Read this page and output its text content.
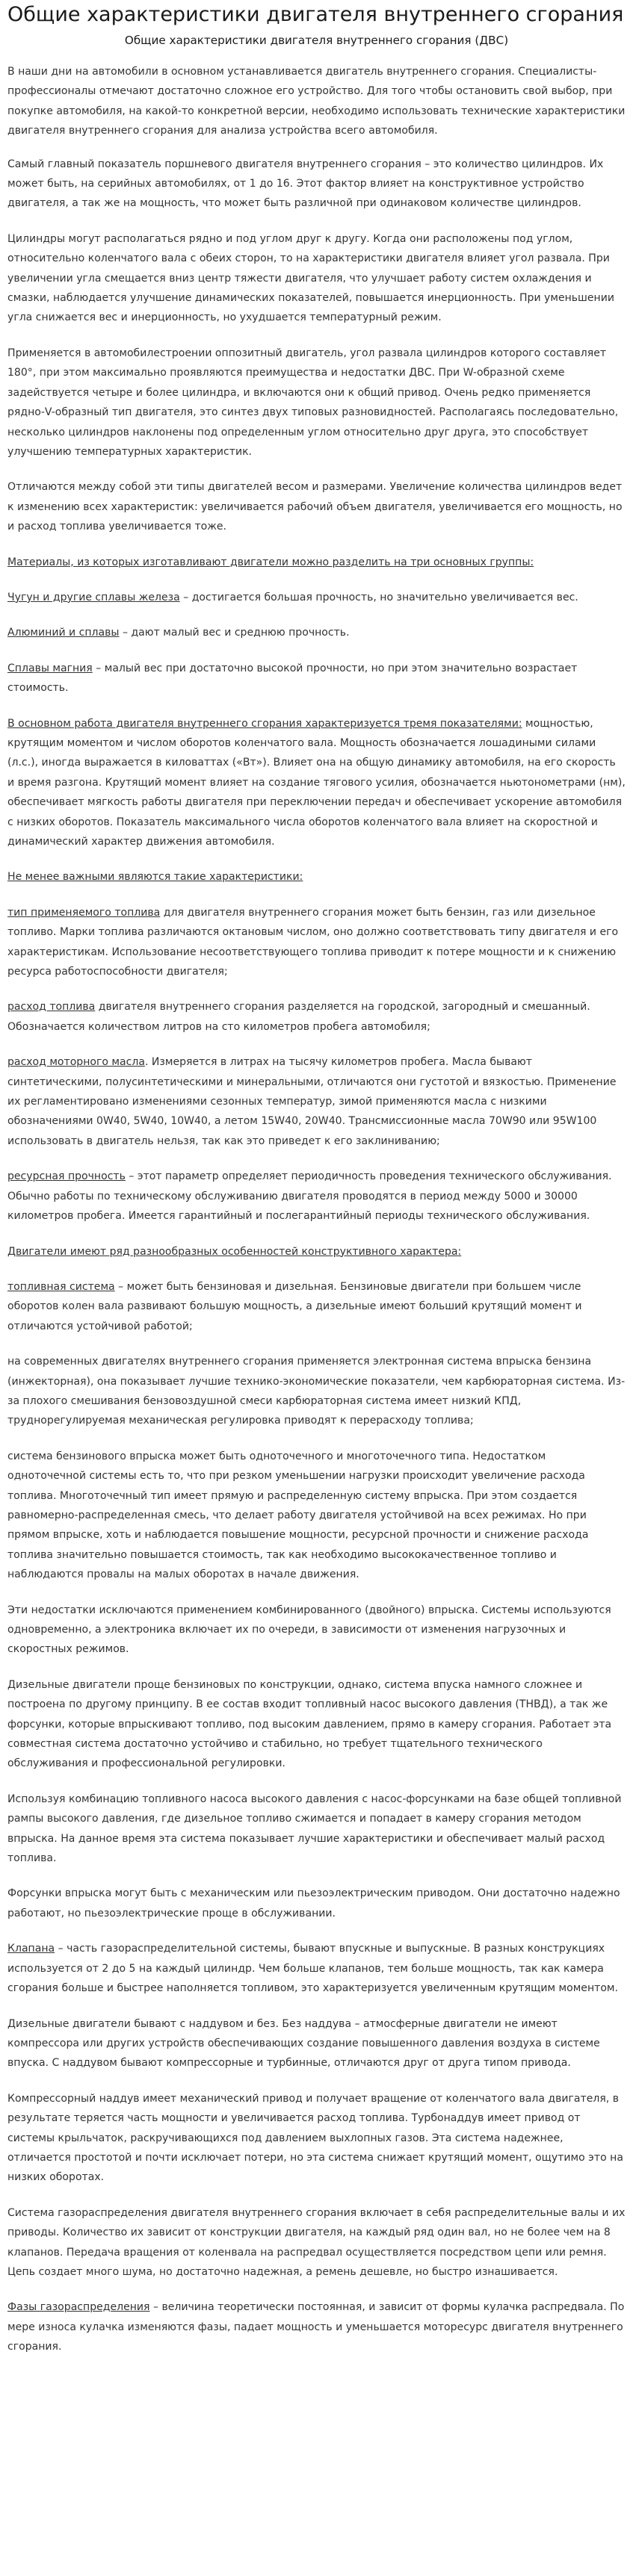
Общие характеристики двигателя внутреннего сгорания
Общие характеристики двигателя внутреннего сгорания (ДВС)

В наши дни на автомобили в основном устанавливается двигатель внутреннего сгорания. Специалисты-профессионалы отмечают достаточно сложное его устройство. Для того чтобы остановить свой выбор, при покупке автомобиля, на какой-то конкретной версии, необходимо использовать технические характеристики двигателя внутреннего сгорания для анализа устройства всего автомобиля.

Самый главный показатель поршневого двигателя внутреннего сгорания – это количество цилиндров. Их может быть, на серийных автомобилях, от 1 до 16. Этот фактор влияет на конструктивное устройство двигателя, а так же на мощность, что может быть различной при одинаковом количестве цилиндров.

Цилиндры могут располагаться рядно и под углом друг к другу. Когда они расположены под углом, относительно коленчатого вала с обеих сторон, то на характеристики двигателя влияет угол развала. При увеличении угла смещается вниз центр тяжести двигателя, что улучшает работу систем охлаждения и смазки, наблюдается улучшение динамических показателей, повышается инерционность. При уменьшении угла снижается вес и инерционность, но ухудшается температурный режим.

Применяется в автомобилестроении оппозитный двигатель, угол развала цилиндров которого составляет 180°, при этом максимально проявляются преимущества и недостатки ДВС. При W-образной схеме задействуется четыре и более цилиндра, и включаются они к общий привод. Очень редко применяется рядно-V-образный тип двигателя, это синтез двух типовых разновидностей. Располагаясь последовательно, несколько цилиндров наклонены под определенным углом относительно друг друга, это способствует улучшению температурных характеристик.

Отличаются между собой эти типы двигателей весом и размерами. Увеличение количества цилиндров ведет к изменению всех характеристик: увеличивается рабочий объем двигателя, увеличивается его мощность, но и расход топлива увеличивается тоже.

Материалы, из которых изготавливают двигатели можно разделить на три основных группы:

Чугун и другие сплавы железа – достигается большая прочность, но значительно увеличивается вес.

Алюминий и сплавы – дают малый вес и среднюю прочность.

Сплавы магния – малый вес при достаточно высокой прочности, но при этом значительно возрастает стоимость.

В основном работа двигателя внутреннего сгорания характеризуется тремя показателями: мощностью, крутящим моментом и числом оборотов коленчатого вала. Мощность обозначается лошадиными силами (л.с.), иногда выражается в киловаттах («Вт»). Влияет она на общую динамику автомобиля, на его скорость и время разгона. Крутящий момент влияет на создание тягового усилия, обозначается ньютонометрами (нм), обеспечивает мягкость работы двигателя при переключении передач и обеспечивает ускорение автомобиля с низких оборотов. Показатель максимального числа оборотов коленчатого вала влияет на скоростной и динамический характер движения автомобиля.

Не менее важными являются такие характеристики:

тип применяемого топлива для двигателя внутреннего сгорания может быть бензин, газ или дизельное топливо. Марки топлива различаются октановым числом, оно должно соответствовать типу двигателя и его характеристикам. Использование несоответствующего топлива приводит к потере мощности и к снижению ресурса работоспособности двигателя;

расход топлива двигателя внутреннего сгорания разделяется на городской, загородный и смешанный. Обозначается количеством литров на сто километров пробега автомобиля;

расход моторного масла. Измеряется в литрах на тысячу километров пробега. Масла бывают синтетическими, полусинтетическими и минеральными, отличаются они густотой и вязкостью. Применение их регламентировано изменениями сезонных температур, зимой применяются масла с низкими обозначениями 0W40, 5W40, 10W40, а летом 15W40, 20W40. Трансмиссионные масла 70W90 или 95W100 использовать в двигатель нельзя, так как это приведет к его заклиниванию;

ресурсная прочность – этот параметр определяет периодичность проведения технического обслуживания. Обычно работы по техническому обслуживанию двигателя проводятся в период между 5000 и 30000 километров пробега. Имеется гарантийный и послегарантийный периоды технического обслуживания.

Двигатели имеют ряд разнообразных особенностей конструктивного характера:

топливная система – может быть бензиновая и дизельная. Бензиновые двигатели при большем числе оборотов колен вала развивают большую мощность, а дизельные имеют больший крутящий момент и отличаются устойчивой работой;

на современных двигателях внутреннего сгорания применяется электронная система впрыска бензина (инжекторная), она показывает лучшие технико-экономические показатели, чем карбюраторная система. Из-за плохого смешивания бензовоздушной смеси карбюраторная система имеет низкий КПД, труднорегулируемая механическая регулировка приводят к перерасходу топлива;

система бензинового впрыска может быть одноточечного и многоточечного типа. Недостатком одноточечной системы есть то, что при резком уменьшении нагрузки происходит увеличение расхода топлива. Многоточечный тип имеет прямую и распределенную систему впрыска. При этом создается равномерно-распределенная смесь, что делает работу двигателя устойчивой на всех режимах. Но при прямом впрыске, хоть и наблюдается повышение мощности, ресурсной прочности и снижение расхода топлива значительно повышается стоимость, так как необходимо высококачественное топливо и наблюдаются провалы на малых оборотах в начале движения.

Эти недостатки исключаются применением комбинированного (двойного) впрыска. Системы используются одновременно, а электроника включает их по очереди, в зависимости от изменения нагрузочных и скоростных режимов.

Дизельные двигатели проще бензиновых по конструкции, однако, система впуска намного сложнее и построена по другому принципу. В ее состав входит топливный насос высокого давления (ТНВД), а так же форсунки, которые впрыскивают топливо, под высоким давлением, прямо в камеру сгорания. Работает эта совместная система достаточно устойчиво и стабильно, но требует тщательного технического обслуживания и профессиональной регулировки.

Используя комбинацию топливного насоса высокого давления с насос-форсунками на базе общей топливной рампы высокого давления, где дизельное топливо сжимается и попадает в камеру сгорания методом впрыска. На данное время эта система показывает лучшие характеристики и обеспечивает малый расход топлива.

Форсунки впрыска могут быть с механическим или пьезоэлектрическим приводом. Они достаточно надежно работают, но пьезоэлектрические проще в обслуживании.

Клапана – часть газораспределительной системы, бывают впускные и выпускные. В разных конструкциях используется от 2 до 5 на каждый цилиндр. Чем больше клапанов, тем больше мощность, так как камера сгорания больше и быстрее наполняется топливом, это характеризуется увеличенным крутящим моментом.

Дизельные двигатели бывают с наддувом и без. Без наддува – атмосферные двигатели не имеют компрессора или других устройств обеспечивающих создание повышенного давления воздуха в системе впуска. С наддувом бывают компрессорные и турбинные, отличаются друг от друга типом привода.

Компрессорный наддув имеет механический привод и получает вращение от коленчатого вала двигателя, в результате теряется часть мощности и увеличивается расход топлива. Турбонаддув имеет привод от системы крыльчаток, раскручивающихся под давлением выхлопных газов. Эта система надежнее, отличается простотой и почти исключает потери, но эта система снижает крутящий момент, ощутимо это на низких оборотах.

Система газораспределения двигателя внутреннего сгорания включает в себя распределительные валы и их приводы. Количество их зависит от конструкции двигателя, на каждый ряд один вал, но не более чем на 8 клапанов. Передача вращения от коленвала на распредвал осуществляется посредством цепи или ремня. Цепь создает много шума, но достаточно надежная, а ремень дешевле, но быстро изнашивается.

Фазы газораспределения – величина теоретически постоянная, и зависит от формы кулачка распредвала. По мере износа кулачка изменяются фазы, падает мощность и уменьшается моторесурс двигателя внутреннего сгорания.
